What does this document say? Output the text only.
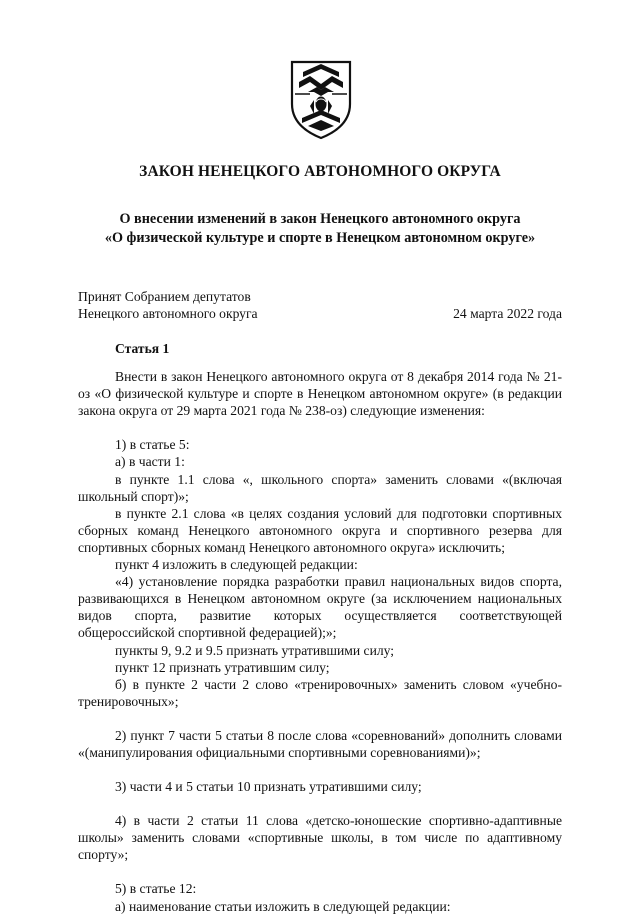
ЗАКОН НЕНЕЦКОГО АВТОНОМНОГО ОКРУГА
О внесении изменений в закон Ненецкого автономного округа
«О физической культуре и спорте в Ненецком автономном округе»
Принят Собранием депутатов
Ненецкого автономного округа	24 марта 2022 года

Статья 1

Внести в закон Ненецкого автономного округа от 8 декабря 2014 года № 21-оз «О физической культуре и спорте в Ненецком автономном округе» (в редакции закона округа от 29 марта 2021 года № 238-оз) следующие изменения:

1) в статье 5:

а) в части 1:

в пункте 1.1 слова «, школьного спорта» заменить словами «(включая школьный спорт)»;

в пункте 2.1 слова «в целях создания условий для подготовки спортивных сборных команд Ненецкого автономного округа и спортивного резерва для спортивных сборных команд Ненецкого автономного округа» исключить;

пункт 4 изложить в следующей редакции:

«4) установление порядка разработки правил национальных видов спорта, развивающихся в Ненецком автономном округе (за исключением национальных видов спорта, развитие которых осуществляется соответствующей общероссийской спортивной федерацией);»;

пункты 9, 9.2 и 9.5 признать утратившими силу;

пункт 12 признать утратившим силу;

б) в пункте 2 части 2 слово «тренировочных» заменить словом «учебно-тренировочных»;

2) пункт 7 части 5 статьи 8 после слова «соревнований» дополнить словами «(манипулирования официальными спортивными соревнованиями)»;

3) части 4 и 5 статьи 10 признать утратившими силу;

4) в части 2 статьи 11 слова «детско-юношеские спортивно-адаптивные школы» заменить словами «спортивные школы, в том числе по адаптивному спорту»;

5) в статье 12:

а) наименование статьи изложить в следующей редакции:
